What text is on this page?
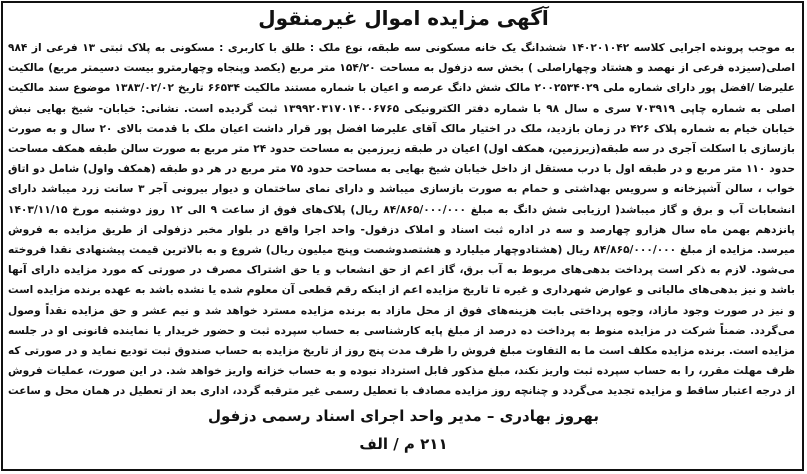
آگهی مزایده اموال غیرمنقول
به موجب پرونده اجرایی کلاسه ۱۴۰۲۰۱۰۴۲ ششدانگ یک خانه مسکونی سه طبقه، نوع ملک : طلق با کاربری : مسکونی به پلاک ثبتی ۱۳ فرعی از ۹۸۴ اصلی(سیزده فرعی از نهصد و هشتاد وچهاراصلی ) بخش سه دزفول به مساحت ۱۵۴/۲۰ متر مربع (یکصد وپنجاه وچهارمترو بیست دسیمتر مربع) مالکیت علیرضا /افضل پور دارای شماره ملی ۲۰۰۲۵۳۴۰۲۹ مالک شش دانگ عرصه و اعیان با شماره مستند مالکیت ۶۶۵۳۴ تاریخ ۱۳۸۳/۰۲/۰۲ موضوع سند مالکیت اصلی به شماره چاپی ۷۰۳۹۱۹ سری ه سال ۹۸ با شماره دفتر الکترونیکی ۱۳۹۹۲۰۳۱۷۰۱۴۰۰۶۷۶۵ ثبت گردیده است. نشانی: خیابان- شیخ بهایی نبش خیابان خیام به شماره پلاک ۴۲۶ در زمان بازدید، ملک در اختیار مالک آقای علیرضا افضل پور قرار داشت اعیان ملک با قدمت بالای ۲۰ سال و به صورت بازسازی با اسکلت آجری در سه طبقه(زیرزمین، همکف اول) اعیان در طبقه زیرزمین به مساحت حدود ۲۴ متر مربع به صورت سالن طبقه همکف مساحت حدود ۱۱۰ متر مربع و در طبقه اول با درب مستقل از داخل خیابان شیخ بهایی به مساحت حدود ۷۵ متر مربع در هر دو طبقه (همکف واول) شامل دو اتاق خواب ، سالن آشپزخانه و سرویس بهداشتی و حمام به صورت بازسازی میباشد و دارای نمای ساختمان و دیوار بیرونی آجر ۳ سانت زرد میباشد دارای انشعابات آب و برق و گاز میباشد( ارزیابی شش دانگ به مبلغ ۸۴/۸۶۵/۰۰۰/۰۰۰ ریال) پلاک‌های فوق از ساعت ۹ الی ۱۲ روز دوشنبه مورخ ۱۴۰۳/۱۱/۱۵ پانزدهم بهمن ماه سال هزارو چهارصد و سه در اداره ثبت اسناد و املاک دزفول- واحد اجرا واقع در بلوار مخبر دزفولی از طریق مزایده به فروش میرسد. مزایده از مبلغ ۸۴/۸۶۵/۰۰۰/۰۰۰ ریال (هشتادوچهار میلیارد و هشتصدوشصت وپنج میلیون ریال) شروع و به بالاترین قیمت پیشنهادی نقدا فروخته می‌شود. لازم به ذکر است پرداخت بدهی‌های مربوط به آب برق، گاز اعم از حق انشعاب و یا حق اشتراک مصرف در صورتی که مورد مزایده دارای آنها باشد و نیز بدهی‌های مالیاتی و عوارض شهرداری و غیره تا تاریخ مزایده اعم از اینکه رقم قطعی آن معلوم شده یا نشده باشد به عهده برنده مزایده است و نیز در صورت وجود مازاد، وجوه پرداختی بابت هزینه‌های فوق از محل مازاد به برنده مزایده مسترد خواهد شد و نیم عشر و حق مزایده نقداً وصول می‌گردد. ضمناً شرکت در مزایده منوط به پرداخت ده درصد از مبلغ پایه کارشناسی به حساب سپرده ثبت و حضور خریدار یا نماینده قانونی او در جلسه مزایده است. برنده مزایده مکلف است ما به التفاوت مبلغ فروش را ظرف مدت پنج روز از تاریخ مزایده به حساب صندوق ثبت تودیع نماید و در صورتی که ظرف مهلت مقرر، را به حساب سپرده ثبت واریز نکند، مبلغ مذکور قابل استرداد نبوده و به حساب خزانه واریز خواهد شد. در این صورت، عملیات فروش از درجه اعتبار ساقط و مزایده تجدید می‌گردد و چنانچه روز مزایده مصادف با تعطیل رسمی غیر مترقبه گردد، اداری بعد از تعطیل در همان محل و ساعت
بهروز بهادری – مدیر واحد اجرای اسناد رسمی دزفول
۲۱۱ م / الف
